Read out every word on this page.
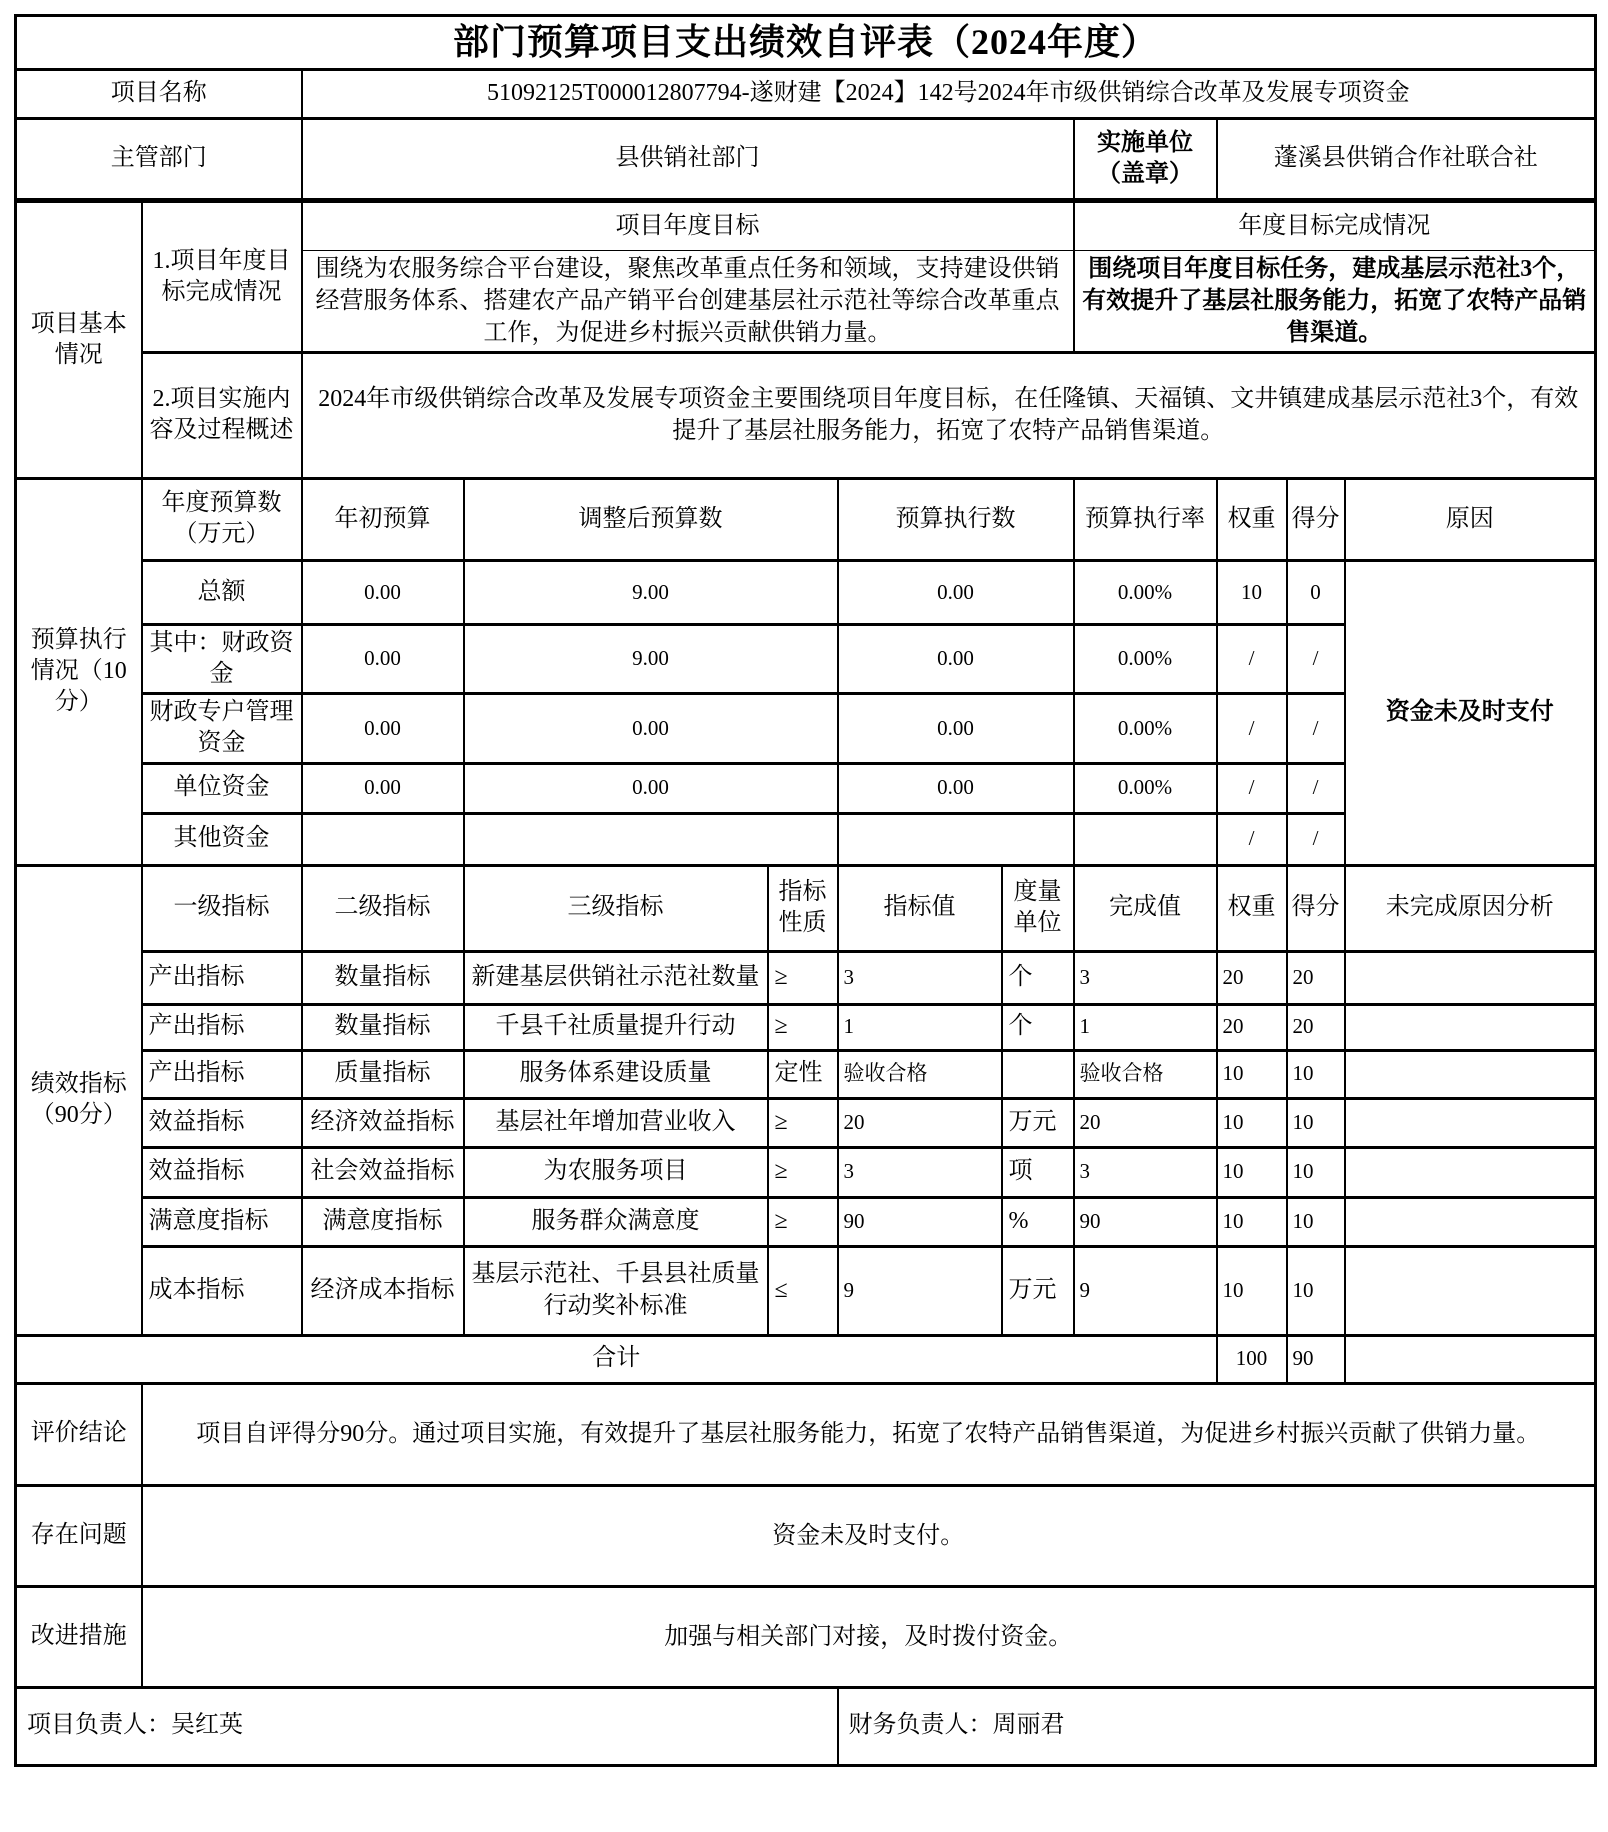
部门预算项目支出绩效自评表（2024年度）										
项目名称		51092125T000012807794-遂财建【2024】142号2024年市级供销综合改革及发展专项资金								
主管部门		县供销社部门					实施单位（盖章）	蓬溪县供销合作社联合社		
项目基本情况	1.项目年度目标完成情况	项目年度目标					年度目标完成情况			
		围绕为农服务综合平台建设，聚焦改革重点任务和领域，支持建设供销经营服务体系、搭建农产品产销平台创建基层社示范社等综合改革重点工作，为促进乡村振兴贡献供销力量。					围绕项目年度目标任务，建成基层示范社3个，有效提升了基层社服务能力，拓宽了农特产品销售渠道。			
	2.项目实施内容及过程概述	2024年市级供销综合改革及发展专项资金主要围绕项目年度目标，在任隆镇、天福镇、文井镇建成基层示范社3个，有效提升了基层社服务能力，拓宽了农特产品销售渠道。								
预算执行情况（10分）	年度预算数（万元）	年初预算	调整后预算数		预算执行数		预算执行率	权重	得分	原因
	总额	0.00	9.00		0.00		0.00%	10	0	资金未及时支付
	其中：财政资金	0.00	9.00		0.00		0.00%	/	/	
	财政专户管理资金	0.00	0.00		0.00		0.00%	/	/	
	单位资金	0.00	0.00		0.00		0.00%	/	/	
	其他资金							/	/	
绩效指标（90分）	一级指标	二级指标	三级指标	指标性质	指标值	度量单位	完成值	权重	得分	未完成原因分析
	产出指标	数量指标	新建基层供销社示范社数量	≥	3	个	3	20	20	
	产出指标	数量指标	千县千社质量提升行动	≥	1	个	1	20	20	
	产出指标	质量指标	服务体系建设质量	定性	验收合格		验收合格	10	10	
	效益指标	经济效益指标	基层社年增加营业收入	≥	20	万元	20	10	10	
	效益指标	社会效益指标	为农服务项目	≥	3	项	3	10	10	
	满意度指标	满意度指标	服务群众满意度	≥	90	%	90	10	10	
	成本指标	经济成本指标	基层示范社、千县县社质量行动奖补标准	≤	9	万元	9	10	10	
合计								100	90	
评价结论	项目自评得分90分。通过项目实施，有效提升了基层社服务能力，拓宽了农特产品销售渠道，为促进乡村振兴贡献了供销力量。									
存在问题	资金未及时支付。									
改进措施	加强与相关部门对接，及时拨付资金。									
项目负责人：吴红英					财务负责人：周丽君					
